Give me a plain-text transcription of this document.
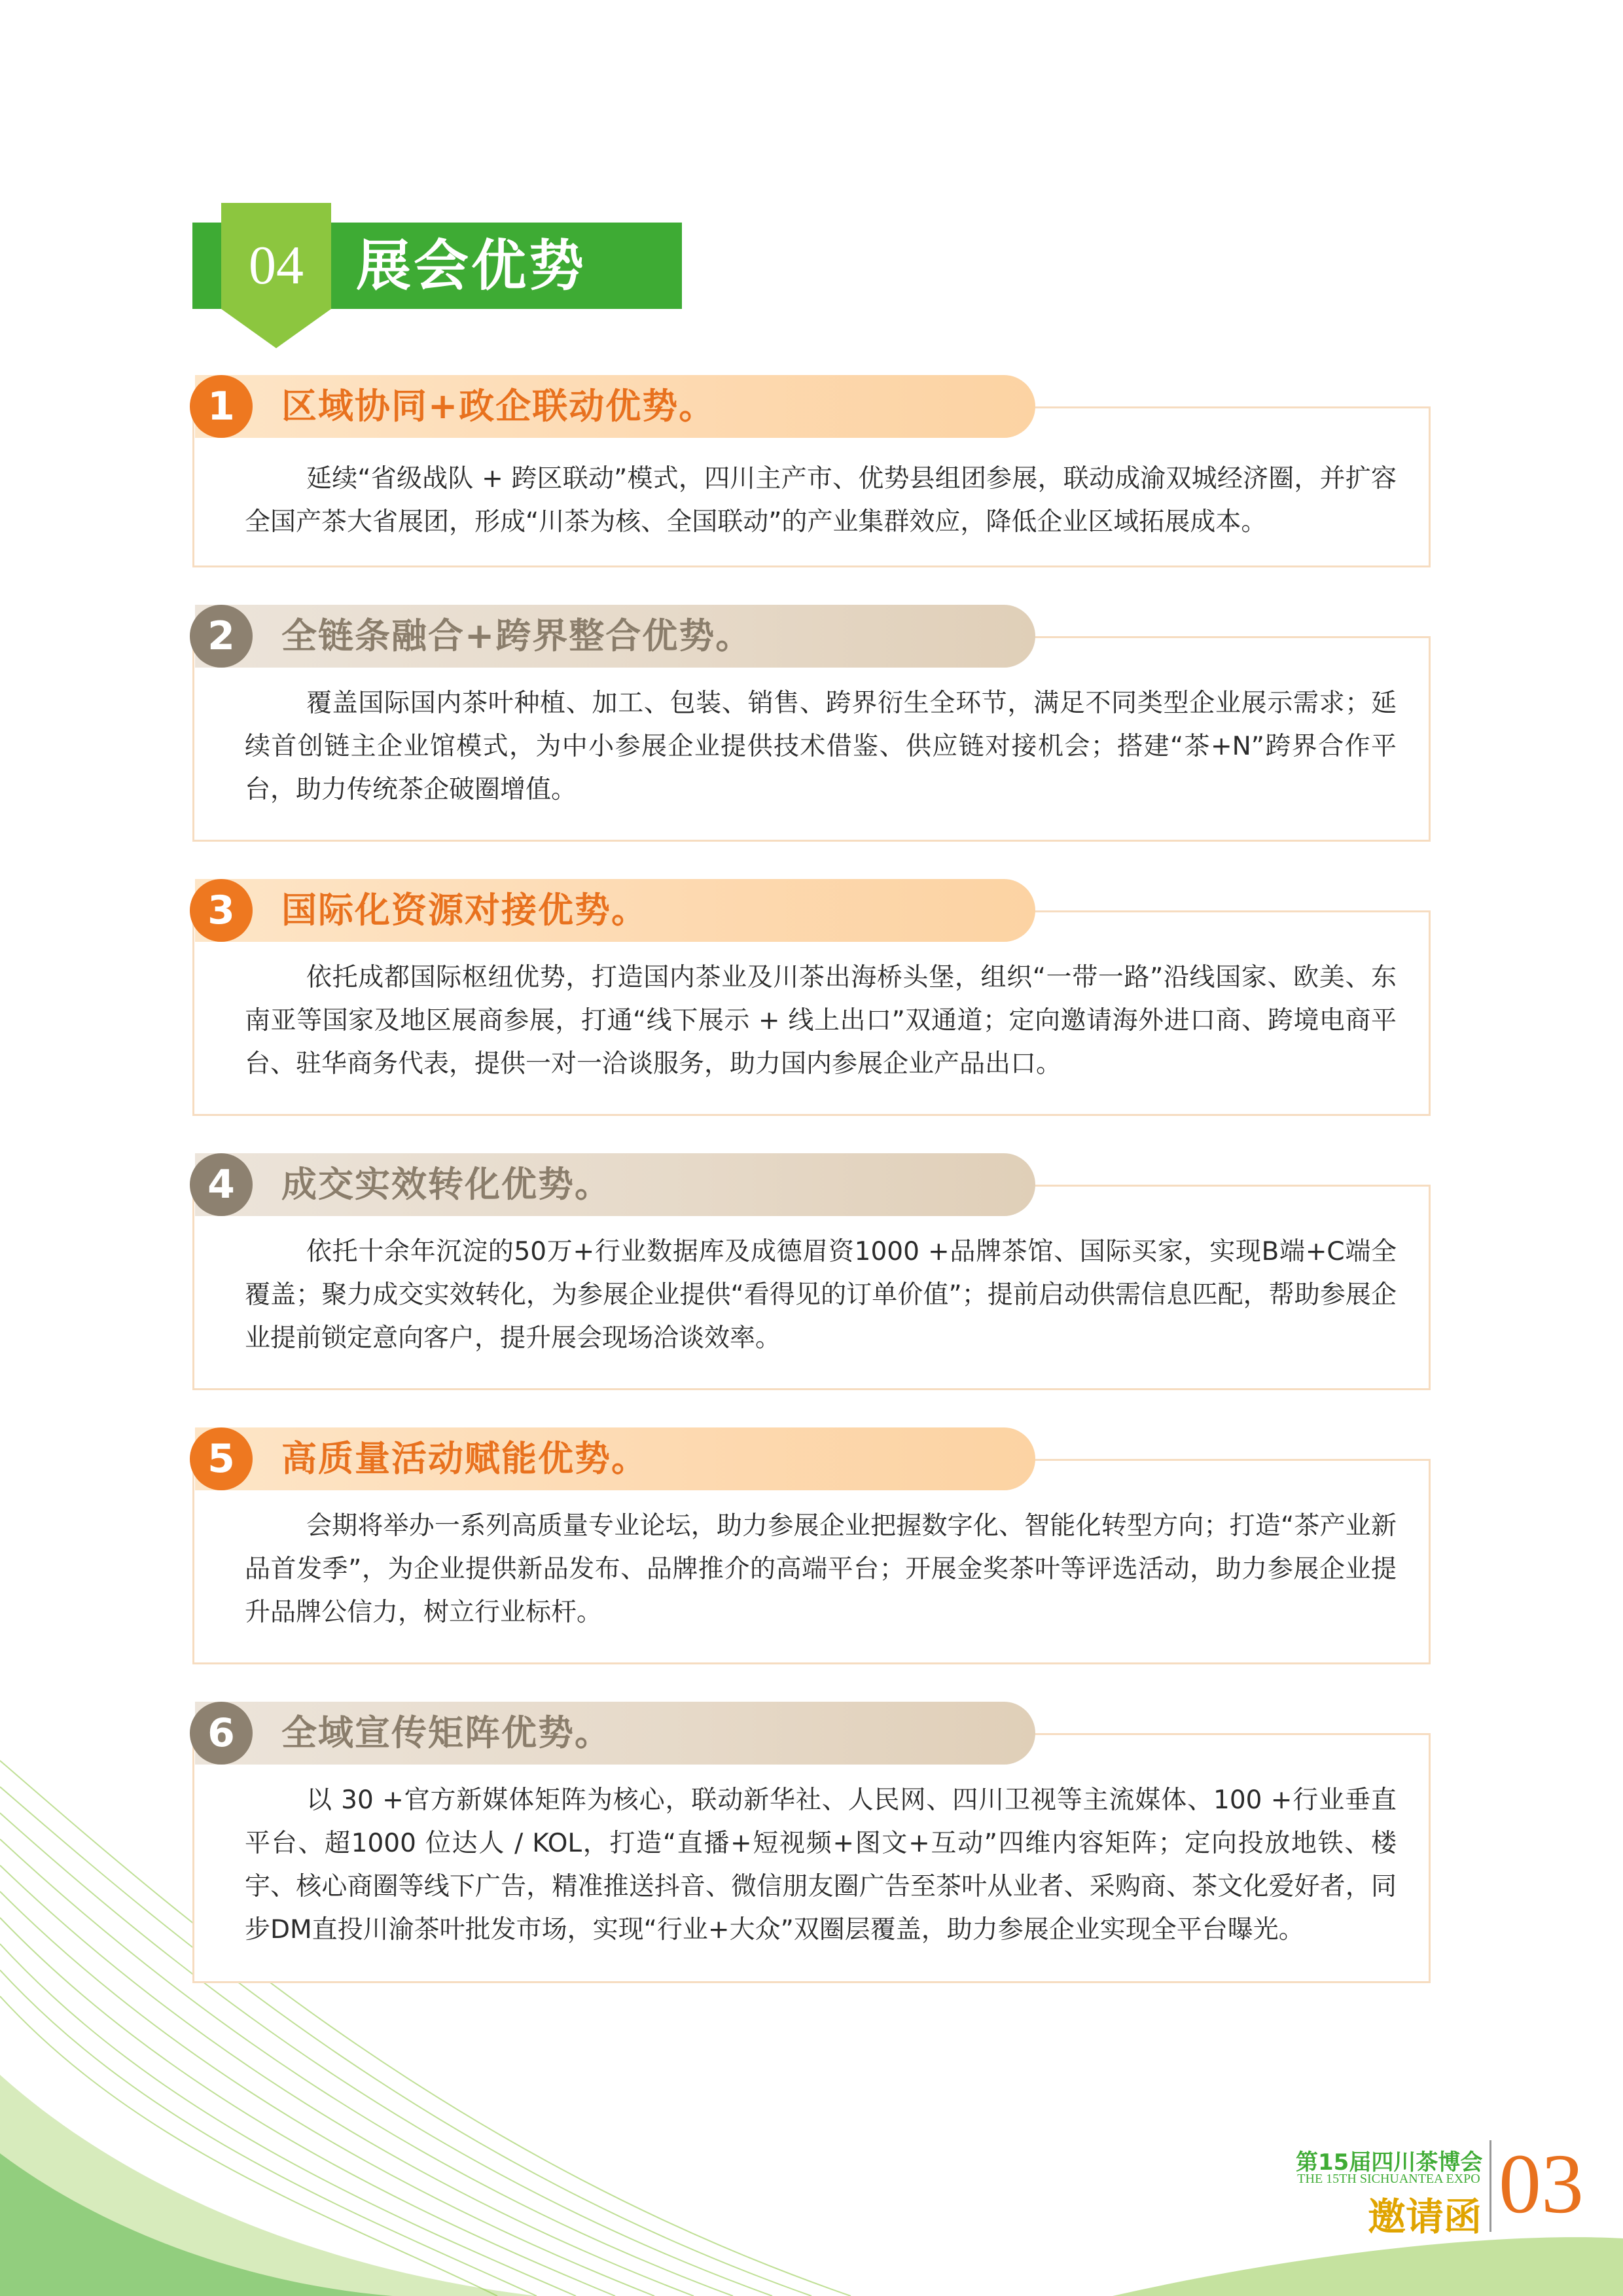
04 展会优势
1	区域协同+政企联动优势。
延续“省级战队 + 跨区联动”模式，四川主产市、优势县组团参展，联动成渝双城经济圈，并扩容全国产茶大省展团，形成“川茶为核、全国联动”的产业集群效应，降低企业区域拓展成本。
2	全链条融合+跨界整合优势。
覆盖国际国内茶叶种植、加工、包装、销售、跨界衍生全环节，满足不同类型企业展示需求；延续首创链主企业馆模式，为中小参展企业提供技术借鉴、供应链对接机会；搭建“茶+N”跨界合作平台，助力传统茶企破圈增值。
3	国际化资源对接优势。
依托成都国际枢纽优势，打造国内茶业及川茶出海桥头堡，组织“一带一路”沿线国家、欧美、东南亚等国家及地区展商参展，打通“线下展示 + 线上出口”双通道；定向邀请海外进口商、跨境电商平台、驻华商务代表，提供一对一洽谈服务，助力国内参展企业产品出口。
4	成交实效转化优势。
依托十余年沉淀的50万+行业数据库及成德眉资1000 +品牌茶馆、国际买家，实现B端+C端全覆盖；聚力成交实效转化，为参展企业提供“看得见的订单价值”；提前启动供需信息匹配，帮助参展企业提前锁定意向客户，提升展会现场洽谈效率。
5	高质量活动赋能优势。
会期将举办一系列高质量专业论坛，助力参展企业把握数字化、智能化转型方向；打造“茶产业新品首发季”，为企业提供新品发布、品牌推介的高端平台；开展金奖茶叶等评选活动，助力参展企业提升品牌公信力，树立行业标杆。
6	全域宣传矩阵优势。
以 30 +官方新媒体矩阵为核心，联动新华社、人民网、四川卫视等主流媒体、100 +行业垂直平台、超1000 位达人 / KOL，打造“直播+短视频+图文+互动”四维内容矩阵；定向投放地铁、楼宇、核心商圈等线下广告，精准推送抖音、微信朋友圈广告至茶叶从业者、采购商、茶文化爱好者，同步DM直投川渝茶叶批发市场，实现“行业+大众”双圈层覆盖，助力参展企业实现全平台曝光。
第15届四川茶博会
THE 15TH SICHUANTEA EXPO
邀请函 03
